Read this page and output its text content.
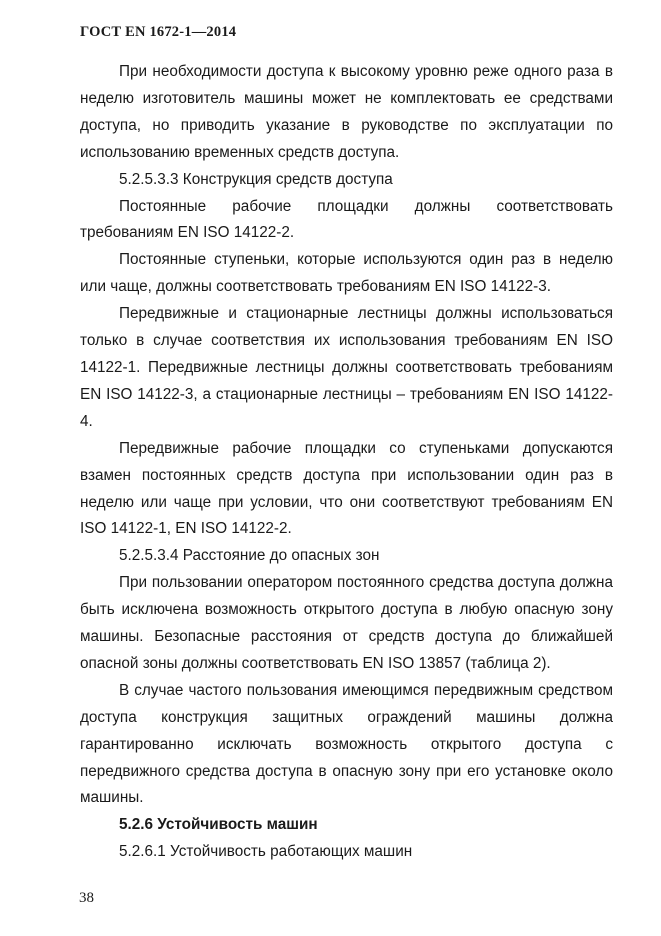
ГОСТ EN 1672-1—2014

При необходимости доступа к высокому уровню реже одного раза в неделю изготовитель машины может не комплектовать ее средствами доступа, но приводить указание в руководстве по эксплуатации по использованию временных средств доступа.

5.2.5.3.3 Конструкция средств доступа

Постоянные рабочие площадки должны соответствовать требованиям EN ISO 14122-2.

Постоянные ступеньки, которые используются один раз в неделю или чаще, должны соответствовать требованиям EN ISO 14122-3.

Передвижные и стационарные лестницы должны использоваться только в случае соответствия их использования требованиям EN ISO 14122-1. Передвижные лестницы должны соответствовать требованиям EN ISO 14122-3, а стационарные лестницы – требованиям EN ISO 14122-4.

Передвижные рабочие площадки со ступеньками допускаются взамен постоянных средств доступа при использовании один раз в неделю или чаще при условии, что они соответствуют требованиям EN ISO 14122-1, EN ISO 14122-2.

5.2.5.3.4 Расстояние до опасных зон

При пользовании оператором постоянного средства доступа должна быть исключена возможность открытого доступа в любую опасную зону машины. Безопасные расстояния от средств доступа до ближайшей опасной зоны должны соответствовать EN ISO 13857 (таблица 2).

В случае частого пользования имеющимся передвижным средством доступа конструкция защитных ограждений машины должна гарантированно исключать возможность открытого доступа с передвижного средства доступа в опасную зону при его установке около машины.

5.2.6 Устойчивость машин

5.2.6.1 Устойчивость работающих машин

38
